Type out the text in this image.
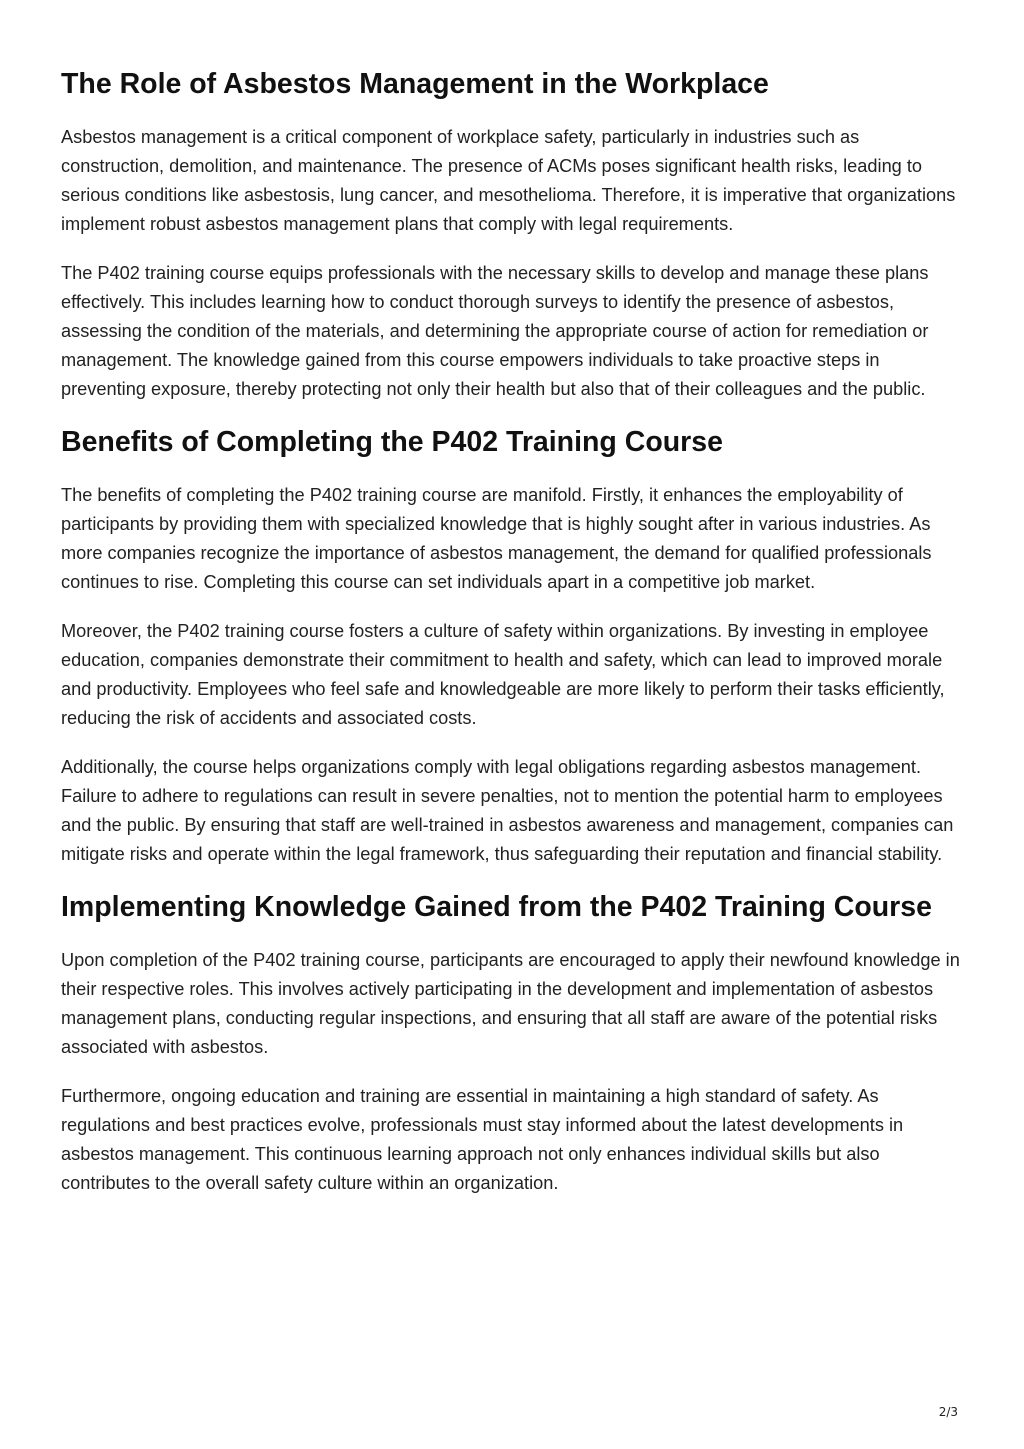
The Role of Asbestos Management in the Workplace

Asbestos management is a critical component of workplace safety, particularly in industries such as construction, demolition, and maintenance. The presence of ACMs poses significant health risks, leading to serious conditions like asbestosis, lung cancer, and mesothelioma. Therefore, it is imperative that organizations implement robust asbestos management plans that comply with legal requirements.

The P402 training course equips professionals with the necessary skills to develop and manage these plans effectively. This includes learning how to conduct thorough surveys to identify the presence of asbestos, assessing the condition of the materials, and determining the appropriate course of action for remediation or management. The knowledge gained from this course empowers individuals to take proactive steps in preventing exposure, thereby protecting not only their health but also that of their colleagues and the public.

Benefits of Completing the P402 Training Course

The benefits of completing the P402 training course are manifold. Firstly, it enhances the employability of participants by providing them with specialized knowledge that is highly sought after in various industries. As more companies recognize the importance of asbestos management, the demand for qualified professionals continues to rise. Completing this course can set individuals apart in a competitive job market.

Moreover, the P402 training course fosters a culture of safety within organizations. By investing in employee education, companies demonstrate their commitment to health and safety, which can lead to improved morale and productivity. Employees who feel safe and knowledgeable are more likely to perform their tasks efficiently, reducing the risk of accidents and associated costs.

Additionally, the course helps organizations comply with legal obligations regarding asbestos management. Failure to adhere to regulations can result in severe penalties, not to mention the potential harm to employees and the public. By ensuring that staff are well-trained in asbestos awareness and management, companies can mitigate risks and operate within the legal framework, thus safeguarding their reputation and financial stability.

Implementing Knowledge Gained from the P402 Training Course

Upon completion of the P402 training course, participants are encouraged to apply their newfound knowledge in their respective roles. This involves actively participating in the development and implementation of asbestos management plans, conducting regular inspections, and ensuring that all staff are aware of the potential risks associated with asbestos.

Furthermore, ongoing education and training are essential in maintaining a high standard of safety. As regulations and best practices evolve, professionals must stay informed about the latest developments in asbestos management. This continuous learning approach not only enhances individual skills but also contributes to the overall safety culture within an organization.

2/3
